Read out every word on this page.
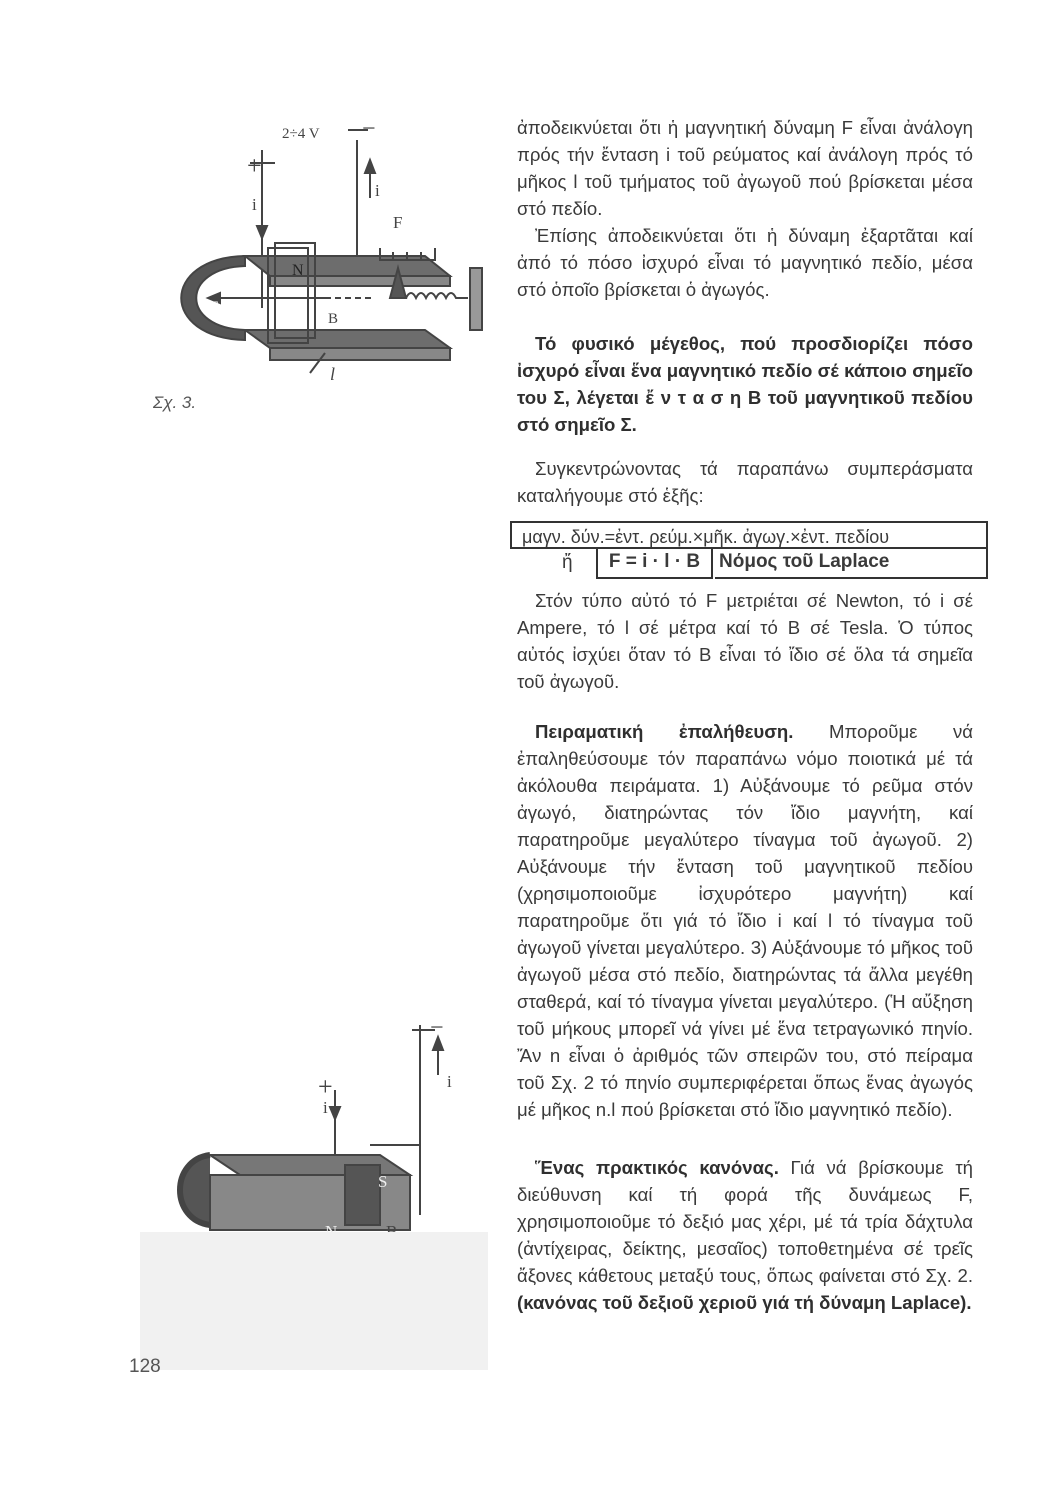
2÷4 V
+
−
i
i
F
N
B
F₂
l
Σχ. 3.
+
−
i
i
S

ἀποδεικνύεται ὅτι ἡ μαγνητική δύναμη F εἶναι ἀνάλογη πρός τήν ἔνταση i τοῦ ρεύματος καί ἀνάλογη πρός τό μῆκος l τοῦ τμήματος τοῦ ἀγωγοῦ πού βρίσκεται μέσα στό πεδίο.

Ἐπίσης ἀποδεικνύεται ὅτι ἡ δύναμη ἐξαρτᾶται καί ἀπό τό πόσο ἰσχυρό εἶναι τό μαγνητικό πεδίο, μέσα στό ὁποῖο βρίσκεται ὁ ἀγωγός.

Τό φυσικό μέγεθος, πού προσδιορίζει πόσο ἰσχυρό εἶναι ἕνα μαγνητικό πεδίο σέ κάποιο σημεῖο του Σ, λέγεται ἔ ν τ α σ η B τοῦ μαγνητικοῦ πεδίου στό σημεῖο Σ.

Συγκεντρώνοντας τά παραπάνω συμπεράσματα καταλήγουμε στό ἑξῆς:

μαγν. δύν.=ἐντ. ρεύμ.×μῆκ. ἀγωγ.×ἐντ. πεδίου
ἤ	F = i · l · B Νόμος τοῦ Laplace

Στόν τύπο αὐτό τό F μετριέται σέ Newton, τό i σέ Ampere, τό l σέ μέτρα καί τό B σέ Tesla. Ὁ τύπος αὐτός ἰσχύει ὅταν τό B εἶναι τό ἴδιο σέ ὅλα τά σημεῖα τοῦ ἀγωγοῦ.

Πειραματική ἐπαλήθευση. Μποροῦμε νά ἐπαληθεύσουμε τόν παραπάνω νόμο ποιοτικά μέ τά ἀκόλουθα πειράματα. 1) Αὐξάνουμε τό ρεῦμα στόν ἀγωγό, διατηρώντας τόν ἴδιο μαγνήτη, καί παρατηροῦμε μεγαλύτερο τίναγμα τοῦ ἀγωγοῦ. 2) Αὐξάνουμε τήν ἔνταση τοῦ μαγνητικοῦ πεδίου (χρησιμοποιοῦμε ἰσχυρότερο μαγνήτη) καί παρατηροῦμε ὅτι γιά τό ἴδιο i καί l τό τίναγμα τοῦ ἀγωγοῦ γίνεται μεγαλύτερο. 3) Αὐξάνουμε τό μῆκος τοῦ ἀγωγοῦ μέσα στό πεδίο, διατηρώντας τά ἄλλα μεγέθη σταθερά, καί τό τίναγμα γίνεται μεγαλύτερο. (Ἡ αὔξηση τοῦ μήκους μπορεῖ νά γίνει μέ ἕνα τετραγωνικό πηνίο. Ἄν n εἶναι ὁ ἀριθμός τῶν σπειρῶν του, στό πείραμα τοῦ Σχ. 2 τό πηνίο συμπεριφέρεται ὅπως ἕνας ἀγωγός μέ μῆκος n.l πού βρίσκεται στό ἴδιο μαγνητικό πεδίο).

Ἕνας πρακτικός κανόνας. Γιά νά βρίσκουμε τή διεύθυνση καί τή φορά τῆς δυνάμεως F, χρησιμοποιοῦμε τό δεξιό μας χέρι, μέ τά τρία δάχτυλα (ἀντίχειρας, δείκτης, μεσαῖος) τοποθετημένα σέ τρεῖς ἄξονες κάθετους μεταξύ τους, ὅπως φαίνεται στό Σχ. 2. (κανόνας τοῦ δεξιοῦ χεριοῦ γιά τή δύναμη Laplace).

128
